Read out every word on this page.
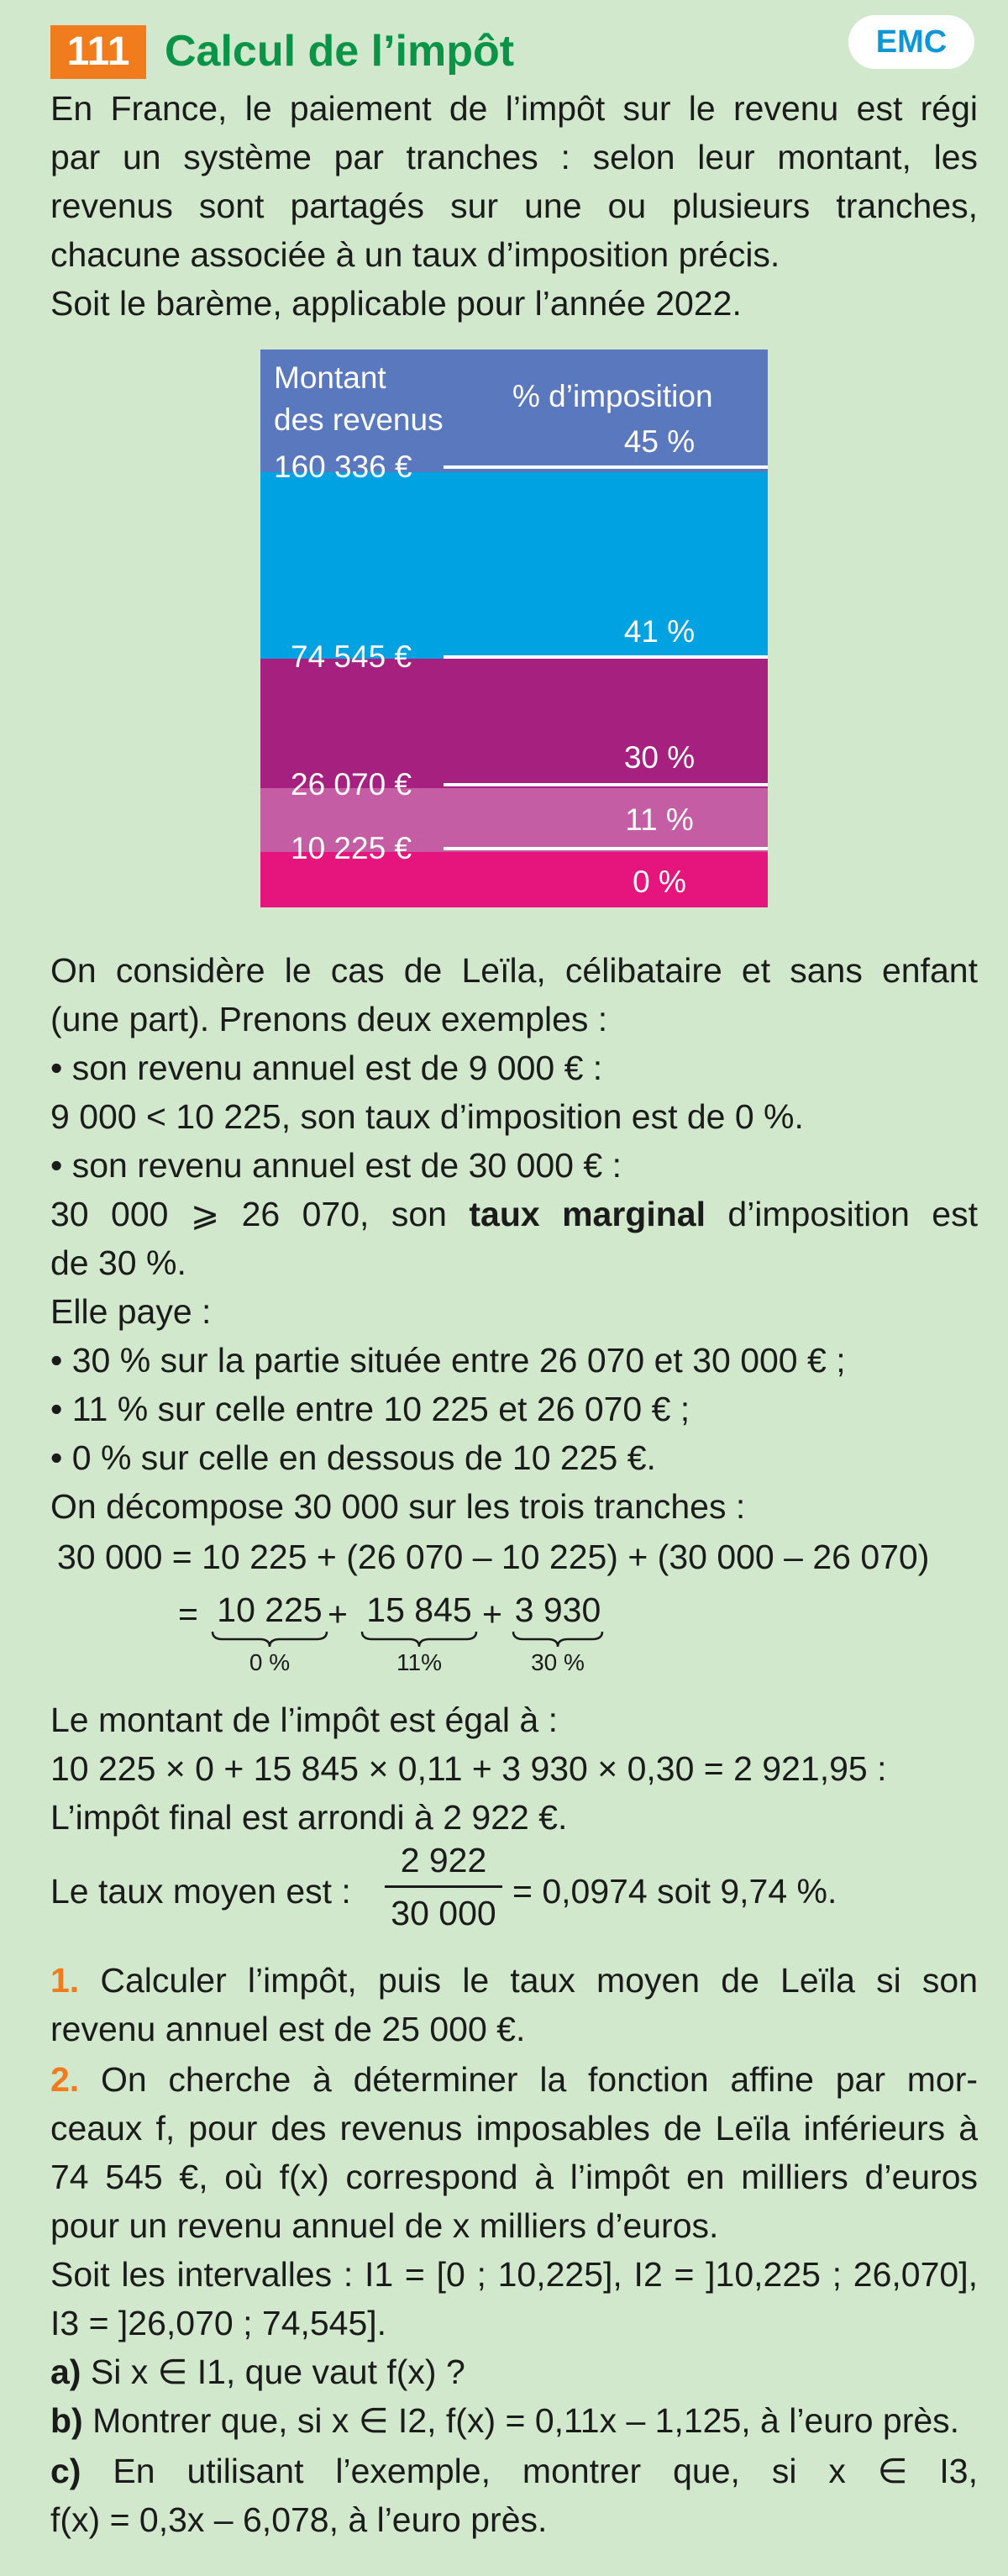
111 Calcul de l’impôt	EMC

En France, le paiement de l’impôt sur le revenu est régi

par un système par tranches : selon leur montant, les

revenus sont partagés sur une ou plusieurs tranches,

chacune associée à un taux d’imposition précis.

Soit le barème, applicable pour l’année 2022.

Montant
des revenus
% d’imposition
160 336 €
74 545 €
26 070 €
10 225 €
45 %
41 %
30 %
11 %
0 %

On considère le cas de Leïla, célibataire et sans enfant

(une part). Prenons deux exemples :

• son revenu annuel est de 9 000 € :

9 000 < 10 225, son taux d’imposition est de 0 %.

• son revenu annuel est de 30 000 € :

30 000 ⩾ 26 070, son taux marginal d’imposition est

de 30 %.

Elle paye :

• 30 % sur la partie située entre 26 070 et 30 000 € ;

• 11 % sur celle entre 10 225 et 26 070 € ;

• 0 % sur celle en dessous de 10 225 €.

On décompose 30 000 sur les trois tranches :

30 000 = 10 225 + (26 070 – 10 225) + (30 000 – 26 070)
= 10 225
0 %
+ 15 845
11%
+ 3 930
30 %

Le montant de l’impôt est égal à :

10 225 × 0 + 15 845 × 0,11 + 3 930 × 0,30 = 2 921,95 :

L’impôt final est arrondi à 2 922 €.

Le taux moyen est :
2 922
30 000
= 0,0974 soit 9,74 %.

1. Calculer l’impôt, puis le taux moyen de Leïla si son

revenu annuel est de 25 000 €.

2. On cherche à déterminer la fonction affine par mor-

ceaux f, pour des revenus imposables de Leïla inférieurs à

74 545 €, où f(x) correspond à l’impôt en milliers d’euros

pour un revenu annuel de x milliers d’euros.

Soit les intervalles : I1 = [0 ; 10,225], I2 = ]10,225 ; 26,070],

I3 = ]26,070 ; 74,545].

a) Si x ∈ I1, que vaut f(x) ?

b) Montrer que, si x ∈ I2, f(x) = 0,11x – 1,125, à l’euro près.

c) En utilisant l’exemple, montrer que, si x ∈ I3,

f(x) = 0,3x – 6,078, à l’euro près.
